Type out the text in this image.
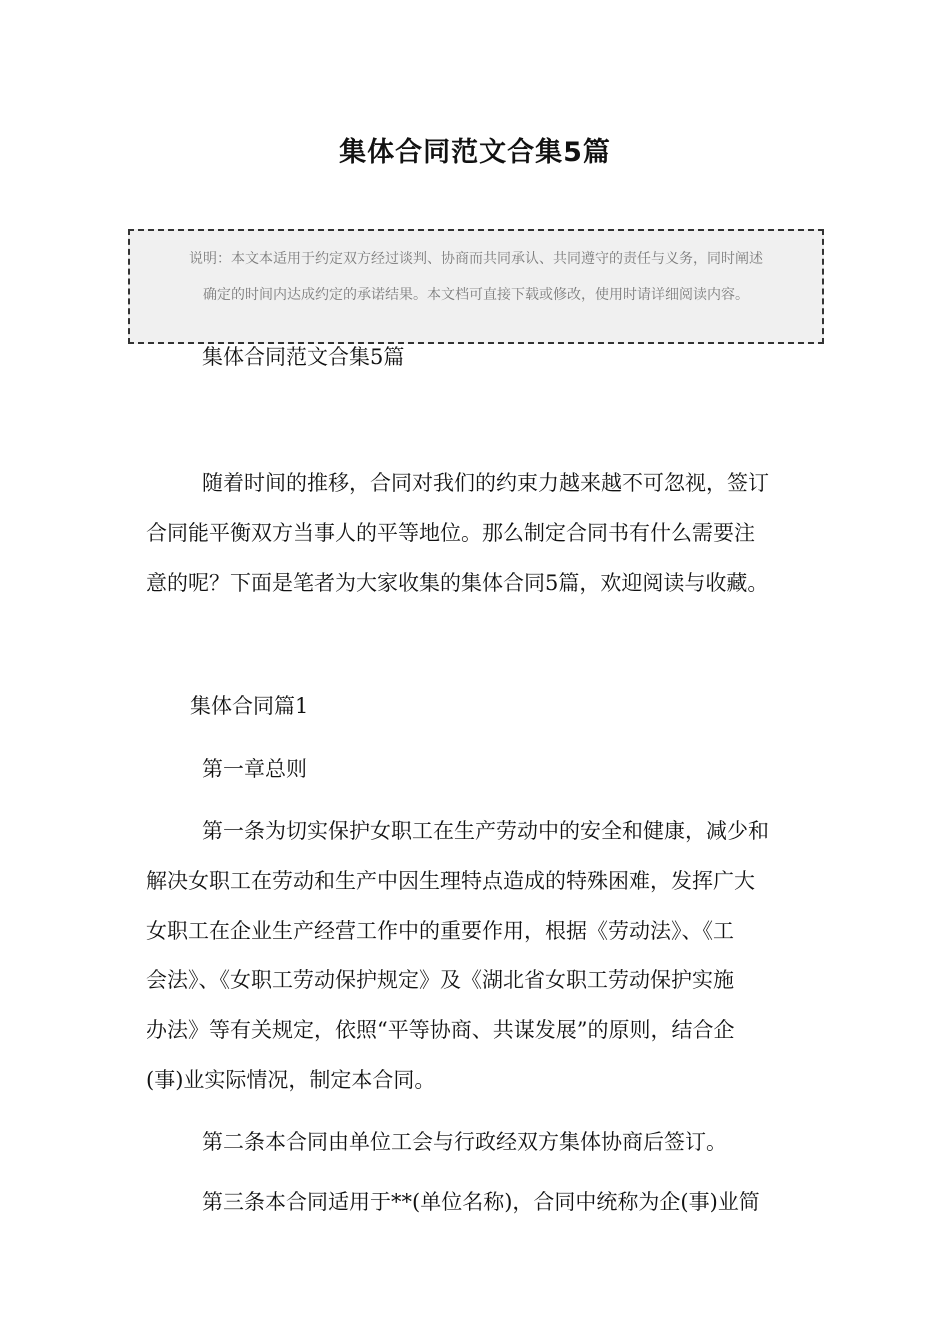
集体合同范文合集5篇

说明：本文本适用于约定双方经过谈判、协商而共同承认、共同遵守的责任与义务，同时阐述

确定的时间内达成约定的承诺结果。本文档可直接下载或修改，使用时请详细阅读内容。

集体合同范文合集5篇

随着时间的推移，合同对我们的约束力越来越不可忽视，签订

合同能平衡双方当事人的平等地位。那么制定合同书有什么需要注

意的呢？下面是笔者为大家收集的集体合同5篇，欢迎阅读与收藏。

集体合同篇1

第一章总则

第一条为切实保护女职工在生产劳动中的安全和健康，减少和

解决女职工在劳动和生产中因生理特点造成的特殊困难，发挥广大

女职工在企业生产经营工作中的重要作用，根据《劳动法》、《工

会法》、《女职工劳动保护规定》及《湖北省女职工劳动保护实施

办法》等有关规定，依照“平等协商、共谋发展”的原则，结合企

(事)业实际情况，制定本合同。

第二条本合同由单位工会与行政经双方集体协商后签订。

第三条本合同适用于**(单位名称)，合同中统称为企(事)业简
